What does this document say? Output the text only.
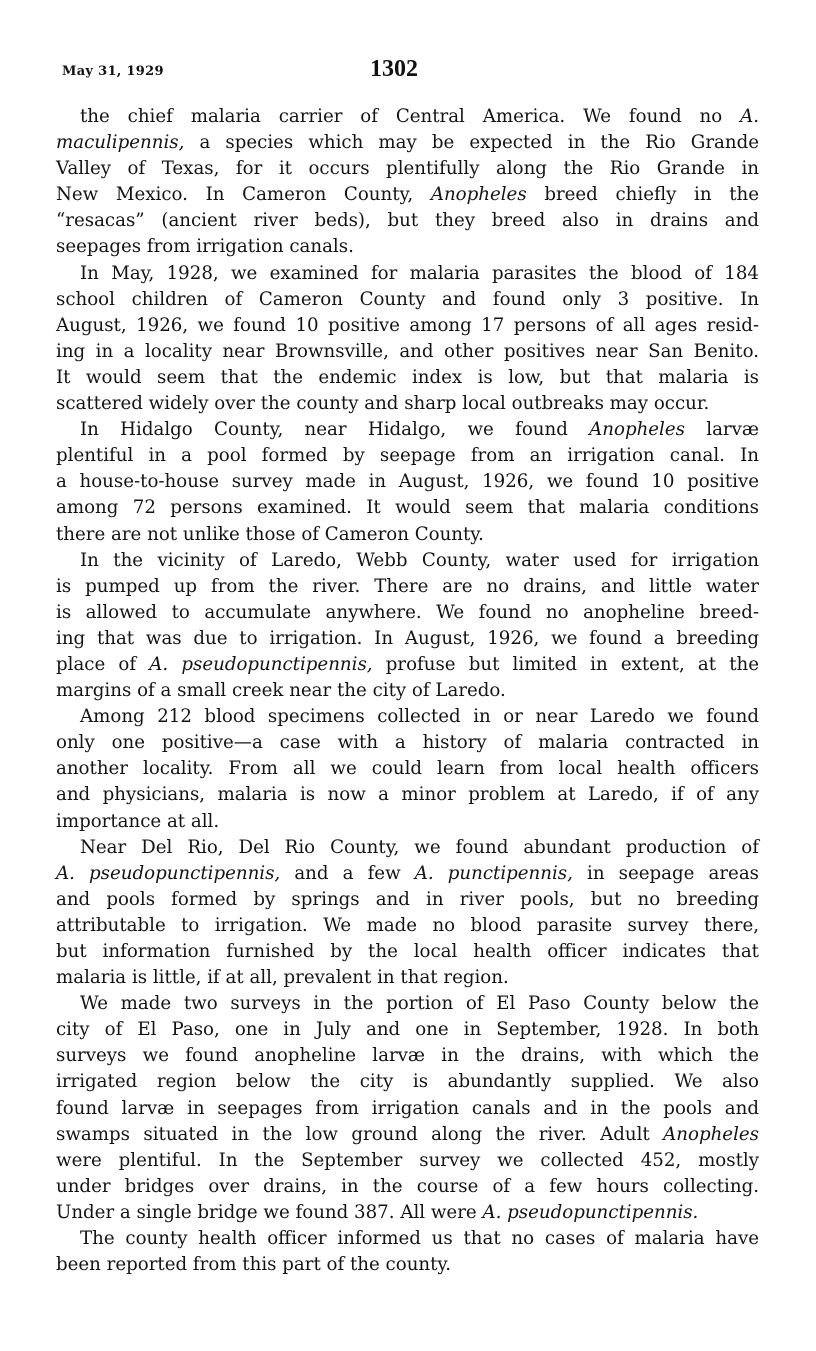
May 31, 1929	1302
the chief malaria carrier of Central America. We found no A.
maculipennis, a species which may be expected in the Rio Grande
Valley of Texas, for it occurs plentifully along the Rio Grande in
New Mexico. In Cameron County, Anopheles breed chiefly in the
“resacas” (ancient river beds), but they breed also in drains and
seepages from irrigation canals.
In May, 1928, we examined for malaria parasites the blood of 184
school children of Cameron County and found only 3 positive. In
August, 1926, we found 10 positive among 17 persons of all ages resid-
ing in a locality near Brownsville, and other positives near San Benito.
It would seem that the endemic index is low, but that malaria is
scattered widely over the county and sharp local outbreaks may occur.
In Hidalgo County, near Hidalgo, we found Anopheles larvæ
plentiful in a pool formed by seepage from an irrigation canal. In
a house-to-house survey made in August, 1926, we found 10 positive
among 72 persons examined. It would seem that malaria conditions
there are not unlike those of Cameron County.
In the vicinity of Laredo, Webb County, water used for irrigation
is pumped up from the river. There are no drains, and little water
is allowed to accumulate anywhere. We found no anopheline breed-
ing that was due to irrigation. In August, 1926, we found a breeding
place of A. pseudopunctipennis, profuse but limited in extent, at the
margins of a small creek near the city of Laredo.
Among 212 blood specimens collected in or near Laredo we found
only one positive—a case with a history of malaria contracted in
another locality. From all we could learn from local health officers
and physicians, malaria is now a minor problem at Laredo, if of any
importance at all.
Near Del Rio, Del Rio County, we found abundant production of
A. pseudopunctipennis, and a few A. punctipennis, in seepage areas
and pools formed by springs and in river pools, but no breeding
attributable to irrigation. We made no blood parasite survey there,
but information furnished by the local health officer indicates that
malaria is little, if at all, prevalent in that region.
We made two surveys in the portion of El Paso County below the
city of El Paso, one in July and one in September, 1928. In both
surveys we found anopheline larvæ in the drains, with which the
irrigated region below the city is abundantly supplied. We also
found larvæ in seepages from irrigation canals and in the pools and
swamps situated in the low ground along the river. Adult Anopheles
were plentiful. In the September survey we collected 452, mostly
under bridges over drains, in the course of a few hours collecting.
Under a single bridge we found 387. All were A. pseudopunctipennis.
The county health officer informed us that no cases of malaria have
been reported from this part of the county.
